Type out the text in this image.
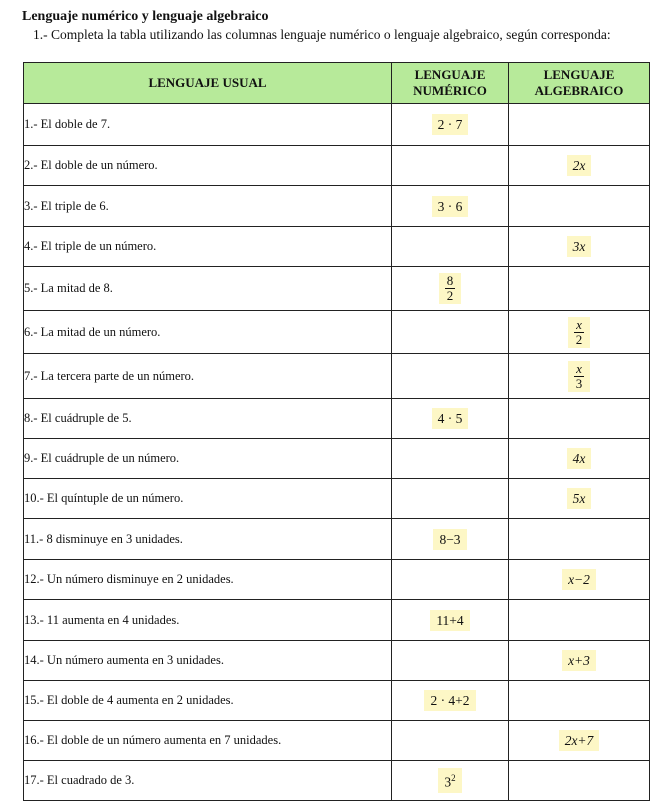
Lenguaje numérico y lenguaje algebraico
1.- Completa la tabla utilizando las columnas lenguaje numérico o lenguaje algebraico, según corresponda:
LENGUAJE USUAL	LENGUAJE
NUMÉRICO	LENGUAJE
ALGEBRAICO
1.- El doble de 7.	2 · 7	
2.- El doble de un número.		2x
3.- El triple de 6.	3 · 6	
4.- El triple de un número.		3x
5.- La mitad de 8.	$\frac{8}{2}$

6.- La mitad de un número.		$\frac{x}{2}$

7.- La tercera parte de un número.		$\frac{x}{3}$

8.- El cuádruple de 5.	4 · 5	
9.- El cuádruple de un número.		4x
10.- El quíntuple de un número.		5x
11.- 8 disminuye en 3 unidades.	8−3	
12.- Un número disminuye en 2 unidades.		x−2
13.- 11 aumenta en 4 unidades.	11+4	
14.- Un número aumenta en 3 unidades.		x+3
15.- El doble de 4 aumenta en 2 unidades.	2 · 4+2	
16.- El doble de un número aumenta en 7 unidades.		2x+7
17.- El cuadrado de 3.	$3^2$	
